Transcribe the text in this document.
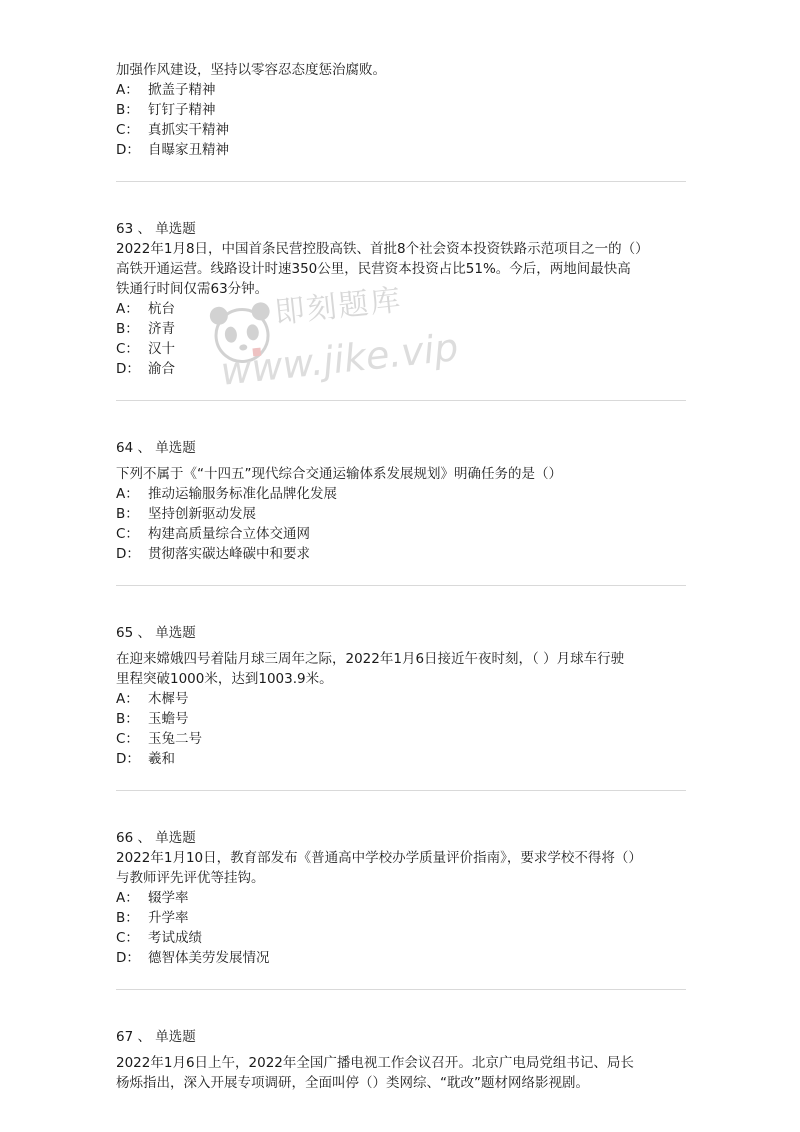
加强作风建设，坚持以零容忍态度惩治腐败。
A： 掀盖子精神
B： 钉钉子精神
C： 真抓实干精神
D： 自曝家丑精神
63 、 单选题
2022年1月8日，中国首条民营控股高铁、首批8个社会资本投资铁路示范项目之一的（）
高铁开通运营。线路设计时速350公里，民营资本投资占比51%。今后，两地间最快高
铁通行时间仅需63分钟。
A： 杭台
B： 济青
C： 汉十
D： 渝合
64 、 单选题
下列不属于《“十四五”现代综合交通运输体系发展规划》明确任务的是（）
A： 推动运输服务标准化品牌化发展
B： 坚持创新驱动发展
C： 构建高质量综合立体交通网
D： 贯彻落实碳达峰碳中和要求
65 、 单选题
在迎来嫦娥四号着陆月球三周年之际，2022年1月6日接近午夜时刻，（ ）月球车行驶
里程突破1000米，达到1003.9米。
A： 木樨号
B： 玉蟾号
C： 玉兔二号
D： 羲和
66 、 单选题
2022年1月10日，教育部发布《普通高中学校办学质量评价指南》，要求学校不得将（）
与教师评先评优等挂钩。
A： 辍学率
B： 升学率
C： 考试成绩
D： 德智体美劳发展情况
67 、 单选题
2022年1月6日上午，2022年全国广播电视工作会议召开。北京广电局党组书记、局长
杨烁指出，深入开展专项调研，全面叫停（）类网综、“耽改”题材网络影视剧。
即刻题库
www.jike.vip
